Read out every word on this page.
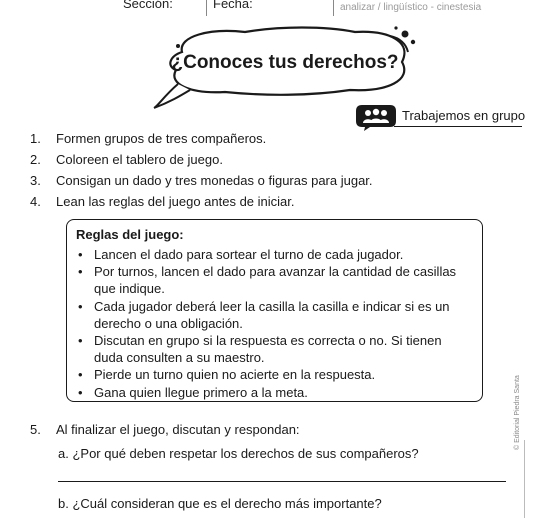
Sección:	Fecha:	analizar / lingüístico - cinestesia
¿Conoces tus derechos?
Trabajemos en grupo
1.	Formen grupos de tres compañeros.
2.	Coloreen el tablero de juego.
3.	Consigan un dado y tres monedas o figuras para jugar.
4.	Lean las reglas del juego antes de iniciar.
Reglas del juego:
• Lancen el dado para sortear el turno de cada jugador.
• Por turnos, lancen el dado para avanzar la cantidad de casillas que indique.
• Cada jugador deberá leer la casilla la casilla e indicar si es un derecho o una obligación.
• Discutan en grupo si la respuesta es correcta o no. Si tienen duda consulten a su maestro.
• Pierde un turno quien no acierte en la respuesta.
• Gana quien llegue primero a la meta.
5. Al finalizar el juego, discutan y respondan:
a. ¿Por qué deben respetar los derechos de sus compañeros?
b. ¿Cuál consideran que es el derecho más importante?
© Editorial Piedra Santa
